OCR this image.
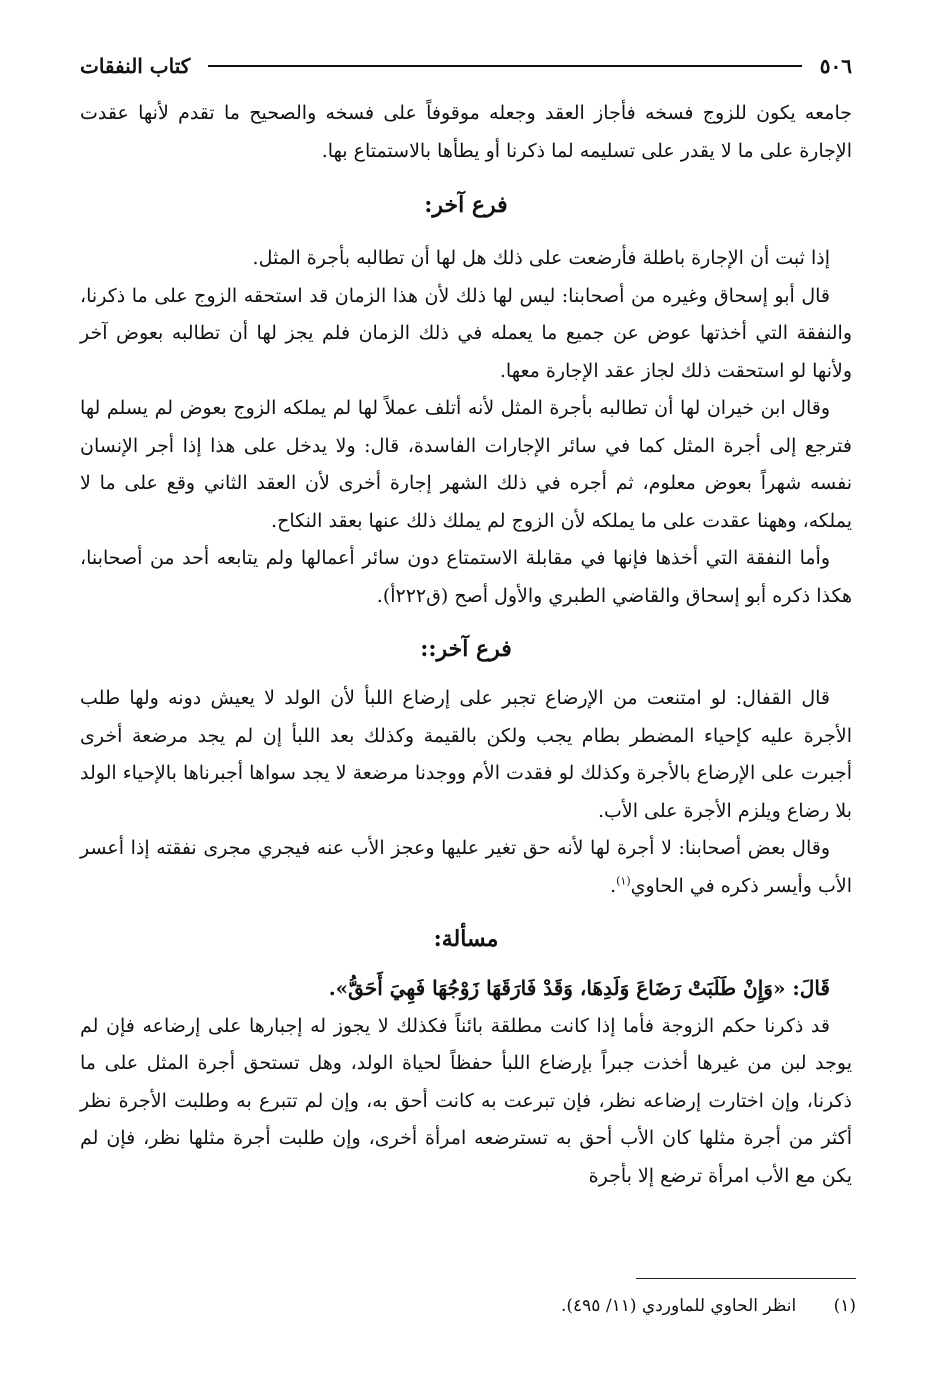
٥٠٦
كتاب النفقات

جامعه يكون للزوج فسخه فأجاز العقد وجعله موقوفاً على فسخه والصحيح ما تقدم لأنها عقدت الإجارة على ما لا يقدر على تسليمه لما ذكرنا أو يطأها بالاستمتاع بها.

فرع آخر:

إذا ثبت أن الإجارة باطلة فأرضعت على ذلك هل لها أن تطالبه بأجرة المثل.

قال أبو إسحاق وغيره من أصحابنا: ليس لها ذلك لأن هذا الزمان قد استحقه الزوج على ما ذكرنا، والنفقة التي أخذتها عوض عن جميع ما يعمله في ذلك الزمان فلم يجز لها أن تطالبه بعوض آخر ولأنها لو استحقت ذلك لجاز عقد الإجارة معها.

وقال ابن خيران لها أن تطالبه بأجرة المثل لأنه أتلف عملاً لها لم يملكه الزوج بعوض لم يسلم لها فترجع إلى أجرة المثل كما في سائر الإجارات الفاسدة، قال: ولا يدخل على هذا إذا أجر الإنسان نفسه شهراً بعوض معلوم، ثم أجره في ذلك الشهر إجارة أخرى لأن العقد الثاني وقع على ما لا يملكه، وههنا عقدت على ما يملكه لأن الزوج لم يملك ذلك عنها بعقد النكاح.

وأما النفقة التي أخذها فإنها في مقابلة الاستمتاع دون سائر أعمالها ولم يتابعه أحد من أصحابنا، هكذا ذكره أبو إسحاق والقاضي الطبري والأول أصح (ق٢٢٢أ).

فرع آخر::

قال القفال: لو امتنعت من الإرضاع تجبر على إرضاع اللبأ لأن الولد لا يعيش دونه ولها طلب الأجرة عليه كإحياء المضطر بطام يجب ولكن بالقيمة وكذلك بعد اللبأ إن لم يجد مرضعة أخرى أجبرت على الإرضاع بالأجرة وكذلك لو فقدت الأم ووجدنا مرضعة لا يجد سواها أجبرناها بالإحياء الولد بلا رضاع ويلزم الأجرة على الأب.

وقال بعض أصحابنا: لا أجرة لها لأنه حق تغير عليها وعجز الأب عنه فيجري مجرى نفقته إذا أعسر الأب وأيسر ذكره في الحاوي$^{(١)}$.

مسألة:

قَالَ: «وَإِنْ طَلَبَتْ رَضَاعَ وَلَدِهَا، وَقَدْ فَارَقَهَا زَوْجُهَا فَهِيَ أَحَقُّ».

قد ذكرنا حكم الزوجة فأما إذا كانت مطلقة بائناً فكذلك لا يجوز له إجبارها على إرضاعه فإن لم يوجد لبن من غيرها أخذت جبراً بإرضاع اللبأ حفظاً لحياة الولد، وهل تستحق أجرة المثل على ما ذكرنا، وإن اختارت إرضاعه نظر، فإن تبرعت به كانت أحق به، وإن لم تتبرع به وطلبت الأجرة نظر أكثر من أجرة مثلها كان الأب أحق به تسترضعه امرأة أخرى، وإن طلبت أجرة مثلها نظر، فإن لم يكن مع الأب امرأة ترضع إلا بأجرة

(١) انظر الحاوي للماوردي (١١/ ٤٩٥).
